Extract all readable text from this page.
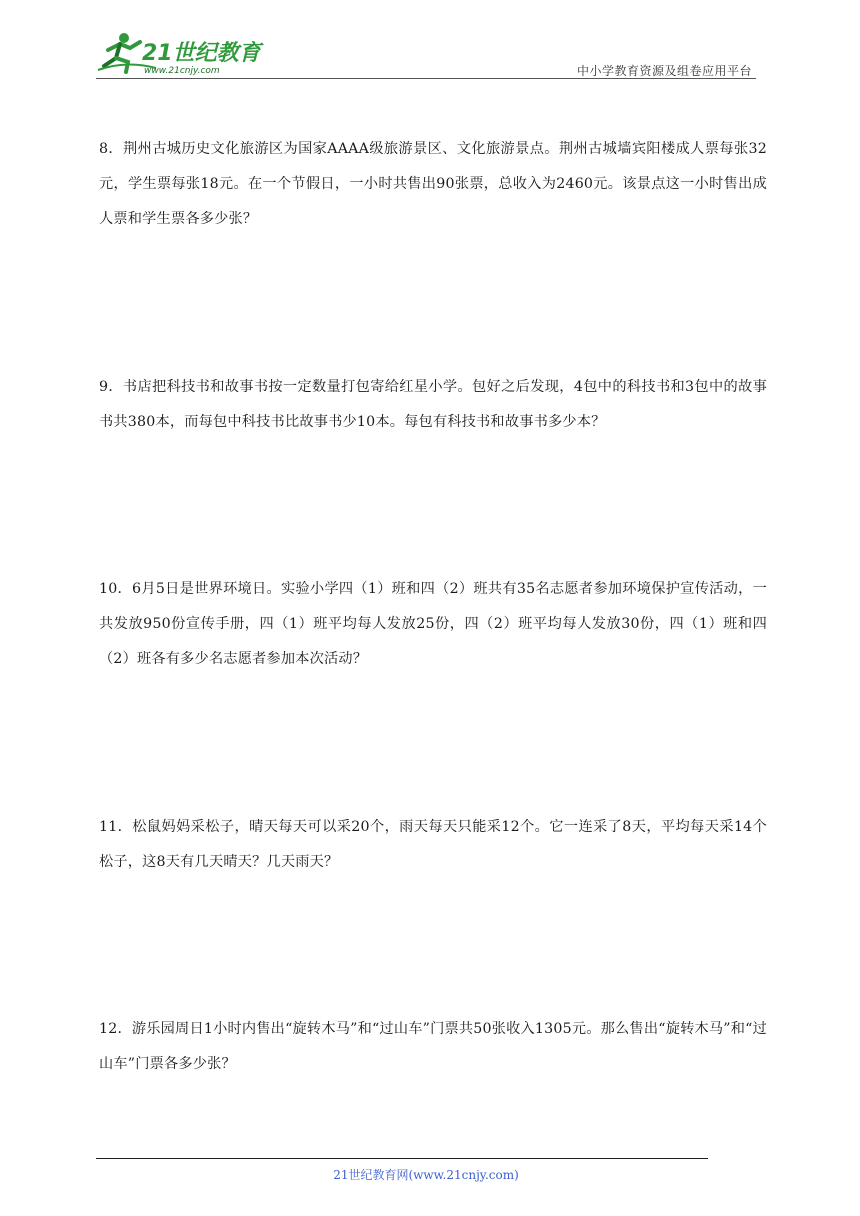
21世纪教育
www.21cnjy.com	中小学教育资源及组卷应用平台
8．荆州古城历史文化旅游区为国家AAAA级旅游景区、文化旅游景点。荆州古城墙宾阳楼成人票每张32元，学生票每张18元。在一个节假日，一小时共售出90张票，总收入为2460元。该景点这一小时售出成人票和学生票各多少张？
9．书店把科技书和故事书按一定数量打包寄给红星小学。包好之后发现，4包中的科技书和3包中的故事书共380本，而每包中科技书比故事书少10本。每包有科技书和故事书多少本？
10．6月5日是世界环境日。实验小学四（1）班和四（2）班共有35名志愿者参加环境保护宣传活动，一共发放950份宣传手册，四（1）班平均每人发放25份，四（2）班平均每人发放30份，四（1）班和四（2）班各有多少名志愿者参加本次活动？
11．松鼠妈妈采松子，晴天每天可以采20个，雨天每天只能采12个。它一连采了8天，平均每天采14个松子，这8天有几天晴天？几天雨天？
12．游乐园周日1小时内售出“旋转木马”和“过山车”门票共50张收入1305元。那么售出“旋转木马”和“过山车”门票各多少张？
21世纪教育网(www.21cnjy.com)
